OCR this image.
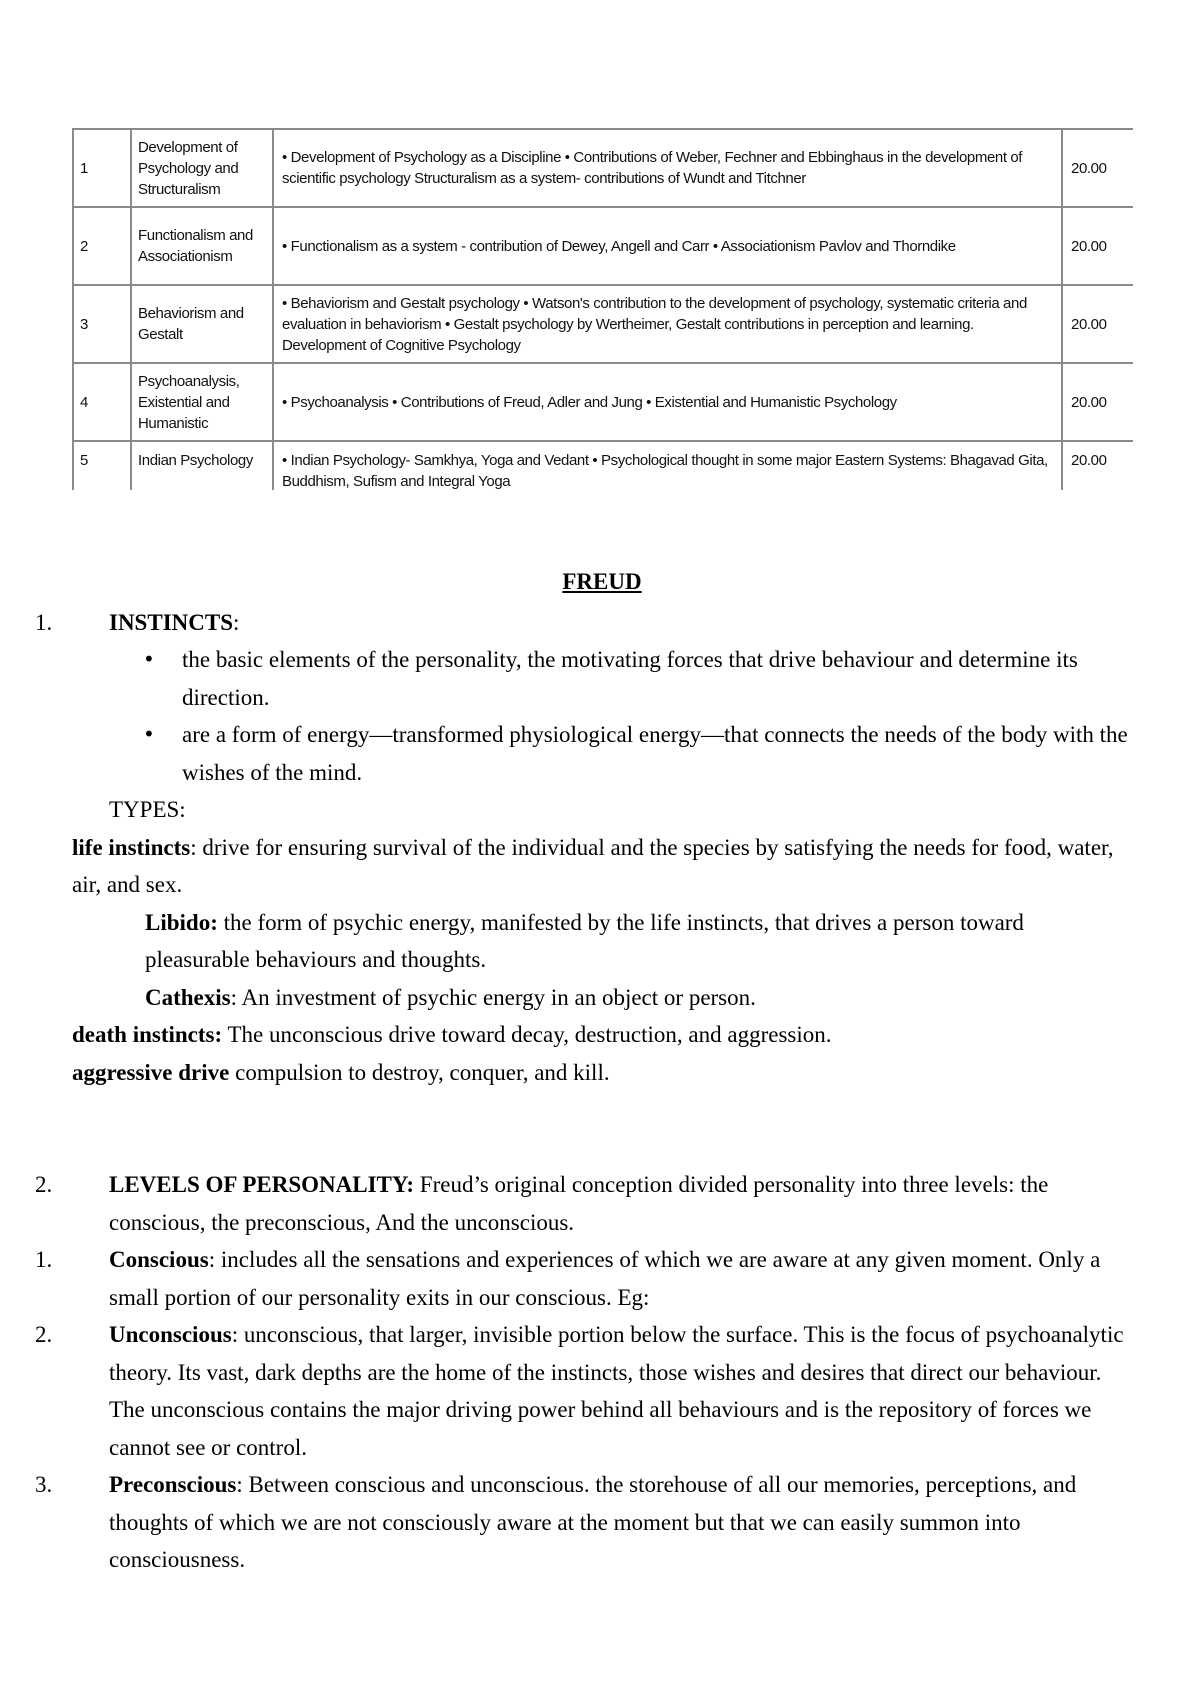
1	Development of Psychology and Structuralism	• Development of Psychology as a Discipline • Contributions of Weber, Fechner and Ebbinghaus in the development of scientific psychology Structuralism as a system- contributions of Wundt and Titchner	20.00
2	Functionalism and Associationism	• Functionalism as a system - contribution of Dewey, Angell and Carr • Associationism Pavlov and Thorndike	20.00
3	Behaviorism and Gestalt	• Behaviorism and Gestalt psychology • Watson's contribution to the development of psychology, systematic criteria and evaluation in behaviorism • Gestalt psychology by Wertheimer, Gestalt contributions in perception and learning. Development of Cognitive Psychology	20.00
4	Psychoanalysis, Existential and Humanistic	• Psychoanalysis • Contributions of Freud, Adler and Jung • Existential and Humanistic Psychology	20.00
5	Indian Psychology	• Indian Psychology- Samkhya, Yoga and Vedant • Psychological thought in some major Eastern Systems: Bhagavad Gita, Buddhism, Sufism and Integral Yoga	20.00

FREUD

1. INSTINCTS:

• the basic elements of the personality, the motivating forces that drive behaviour and determine its direction.
• are a form of energy—transformed physiological energy—that connects the needs of the body with the wishes of the mind.

TYPES:

life instincts: drive for ensuring survival of the individual and the species by satisfying the needs for food, water, air, and sex.

Libido: the form of psychic energy, manifested by the life instincts, that drives a person toward pleasurable behaviours and thoughts.

Cathexis: An investment of psychic energy in an object or person.

death instincts: The unconscious drive toward decay, destruction, and aggression.

aggressive drive compulsion to destroy, conquer, and kill.

2. LEVELS OF PERSONALITY: Freud’s original conception divided personality into three levels: the conscious, the preconscious, And the unconscious.

1. Conscious: includes all the sensations and experiences of which we are aware at any given moment. Only a small portion of our personality exits in our conscious. Eg:

2. Unconscious: unconscious, that larger, invisible portion below the surface. This is the focus of psychoanalytic theory. Its vast, dark depths are the home of the instincts, those wishes and desires that direct our behaviour. The unconscious contains the major driving power behind all behaviours and is the repository of forces we cannot see or control.

3. Preconscious: Between conscious and unconscious. the storehouse of all our memories, perceptions, and thoughts of which we are not consciously aware at the moment but that we can easily summon into consciousness.
